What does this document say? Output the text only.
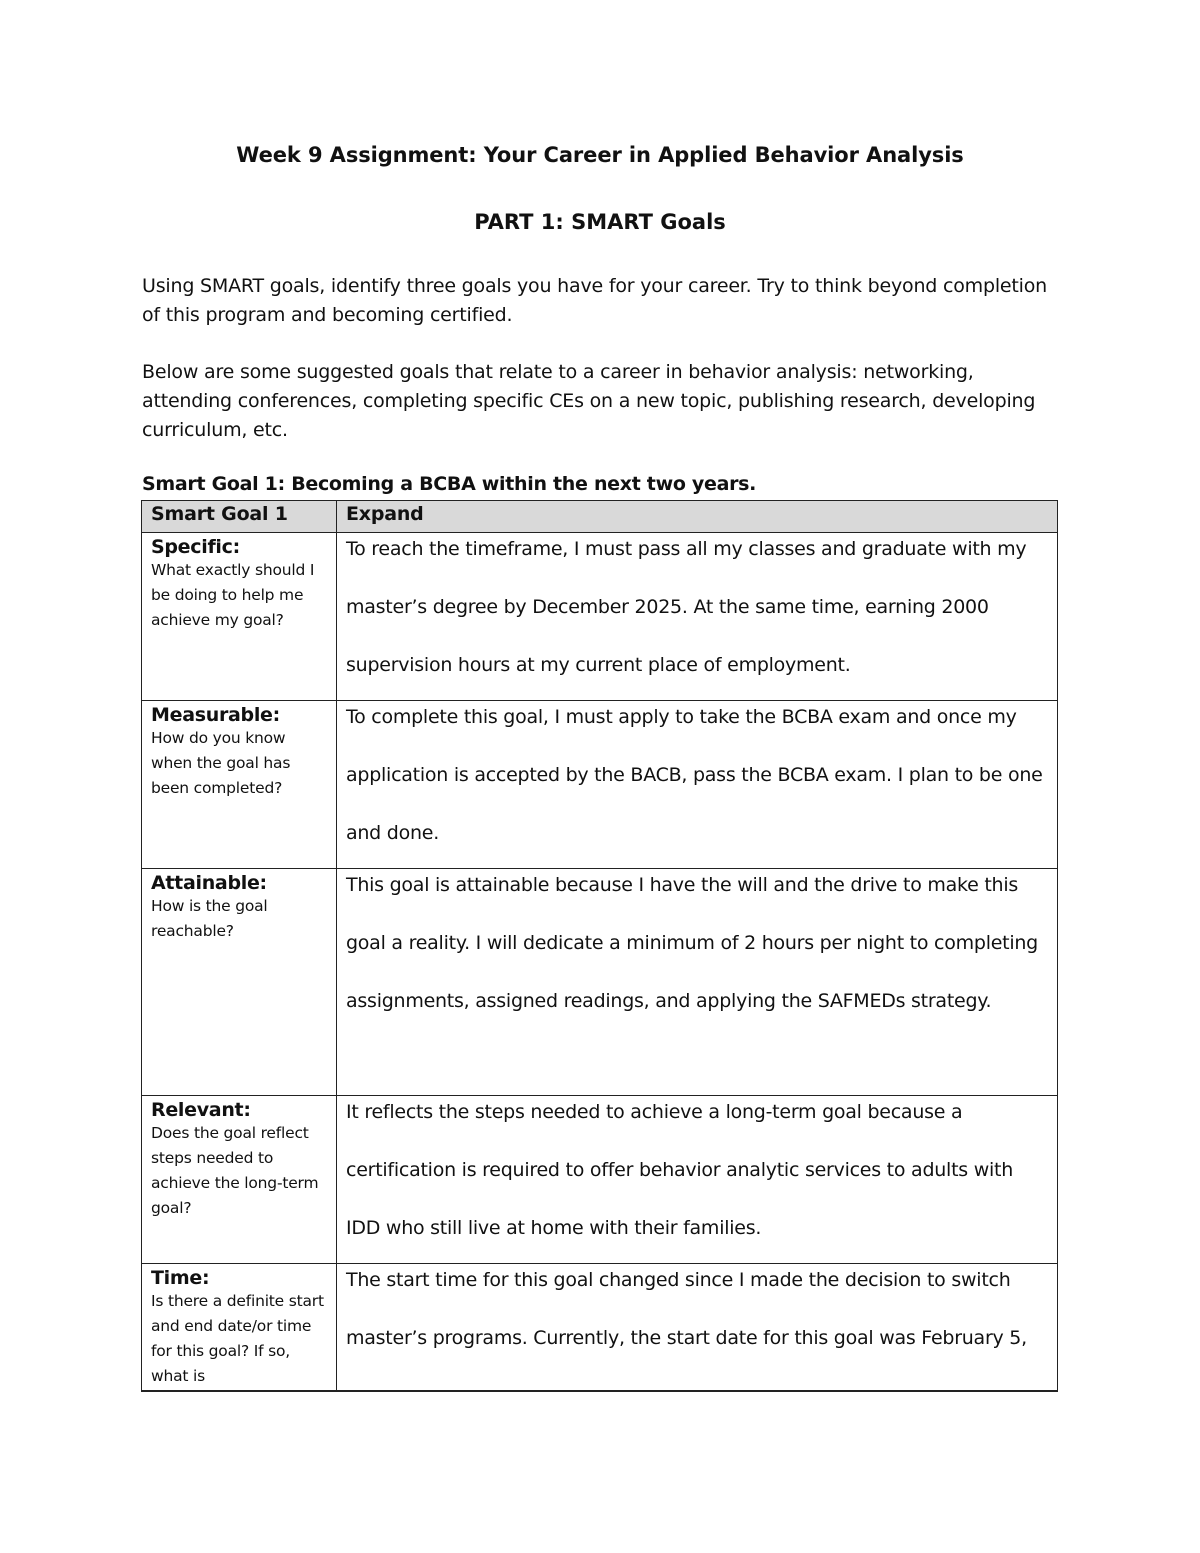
Week 9 Assignment: Your Career in Applied Behavior Analysis
PART 1: SMART Goals
Using SMART goals, identify three goals you have for your career. Try to think beyond completion of this program and becoming certified.
Below are some suggested goals that relate to a career in behavior analysis: networking, attending conferences, completing specific CEs on a new topic, publishing research, developing curriculum, etc.
Smart Goal 1: Becoming a BCBA within the next two years.
Smart Goal 1	Expand

Specific:
What exactly should I be doing to help me achieve my goal?	To reach the timeframe, I must pass all my classes and graduate with my master’s degree by December 2025. At the same time, earning 2000 supervision hours at my current place of employment.

Measurable:
How do you know when the goal has been completed?	To complete this goal, I must apply to take the BCBA exam and once my application is accepted by the BACB, pass the BCBA exam. I plan to be one and done.

Attainable:
How is the goal reachable?	This goal is attainable because I have the will and the drive to make this goal a reality. I will dedicate a minimum of 2 hours per night to completing assignments, assigned readings, and applying the SAFMEDs strategy.

Relevant:
Does the goal reflect steps needed to achieve the long-term goal?	It reflects the steps needed to achieve a long-term goal because a certification is required to offer behavior analytic services to adults with IDD who still live at home with their families.

Time:
Is there a definite start and end date/or time for this goal? If so, what is	The start time for this goal changed since I made the decision to switch master’s programs. Currently, the start date for this goal was February 5,
